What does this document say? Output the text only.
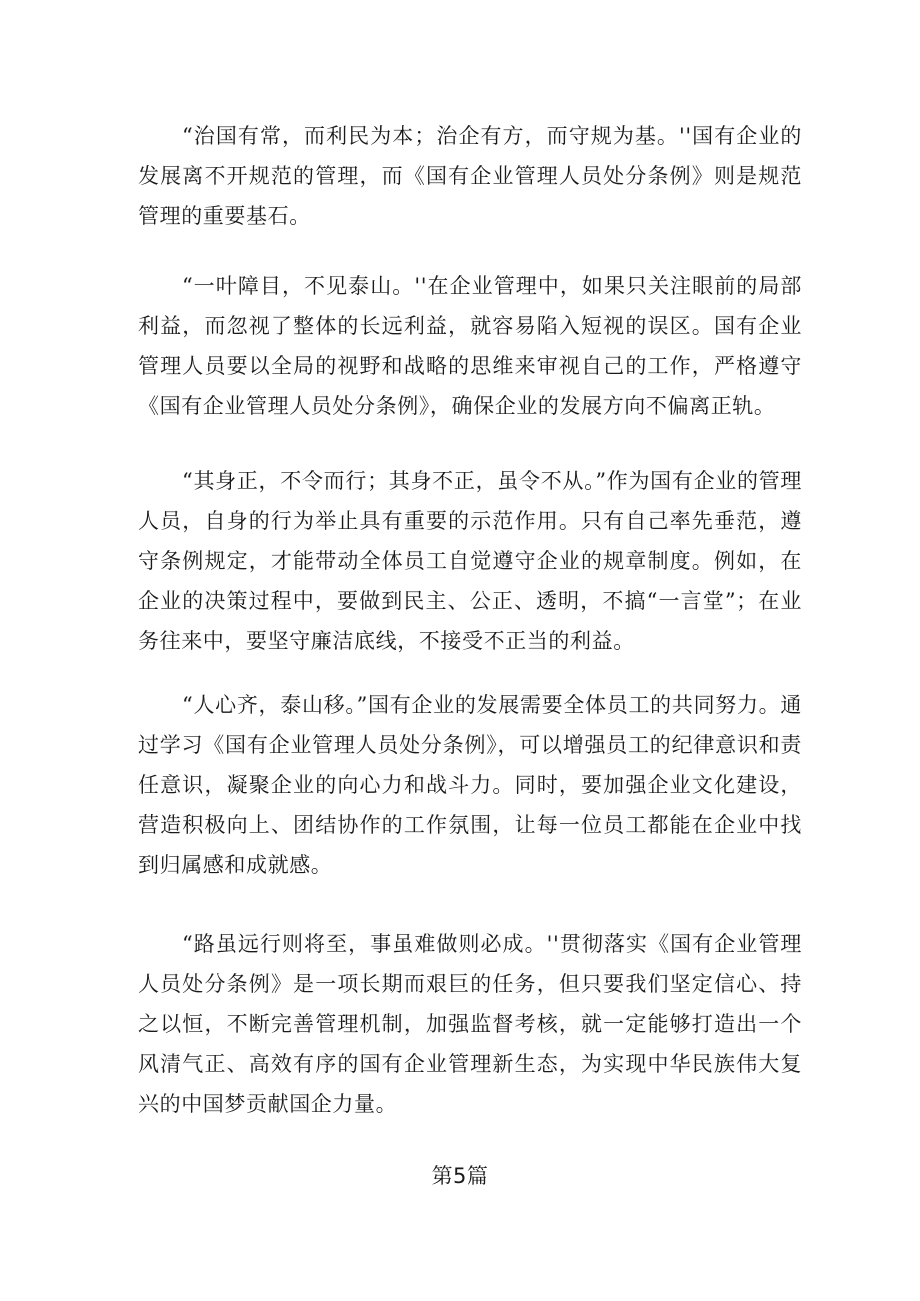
“治国有常，而利民为本；治企有方，而守规为基。''国有企业的发展离不开规范的管理，而《国有企业管理人员处分条例》则是规范管理的重要基石。

“一叶障目，不见泰山。''在企业管理中，如果只关注眼前的局部利益，而忽视了整体的长远利益，就容易陷入短视的误区。国有企业管理人员要以全局的视野和战略的思维来审视自己的工作，严格遵守《国有企业管理人员处分条例》，确保企业的发展方向不偏离正轨。

“其身正，不令而行；其身不正，虽令不从。”作为国有企业的管理人员，自身的行为举止具有重要的示范作用。只有自己率先垂范，遵守条例规定，才能带动全体员工自觉遵守企业的规章制度。例如，在企业的决策过程中，要做到民主、公正、透明，不搞“一言堂”；在业务往来中，要坚守廉洁底线，不接受不正当的利益。

“人心齐，泰山移。”国有企业的发展需要全体员工的共同努力。通过学习《国有企业管理人员处分条例》，可以增强员工的纪律意识和责任意识，凝聚企业的向心力和战斗力。同时，要加强企业文化建设，营造积极向上、团结协作的工作氛围，让每一位员工都能在企业中找到归属感和成就感。

“路虽远行则将至，事虽难做则必成。''贯彻落实《国有企业管理人员处分条例》是一项长期而艰巨的任务，但只要我们坚定信心、持之以恒，不断完善管理机制，加强监督考核，就一定能够打造出一个风清气正、高效有序的国有企业管理新生态，为实现中华民族伟大复兴的中国梦贡献国企力量。

第5篇
